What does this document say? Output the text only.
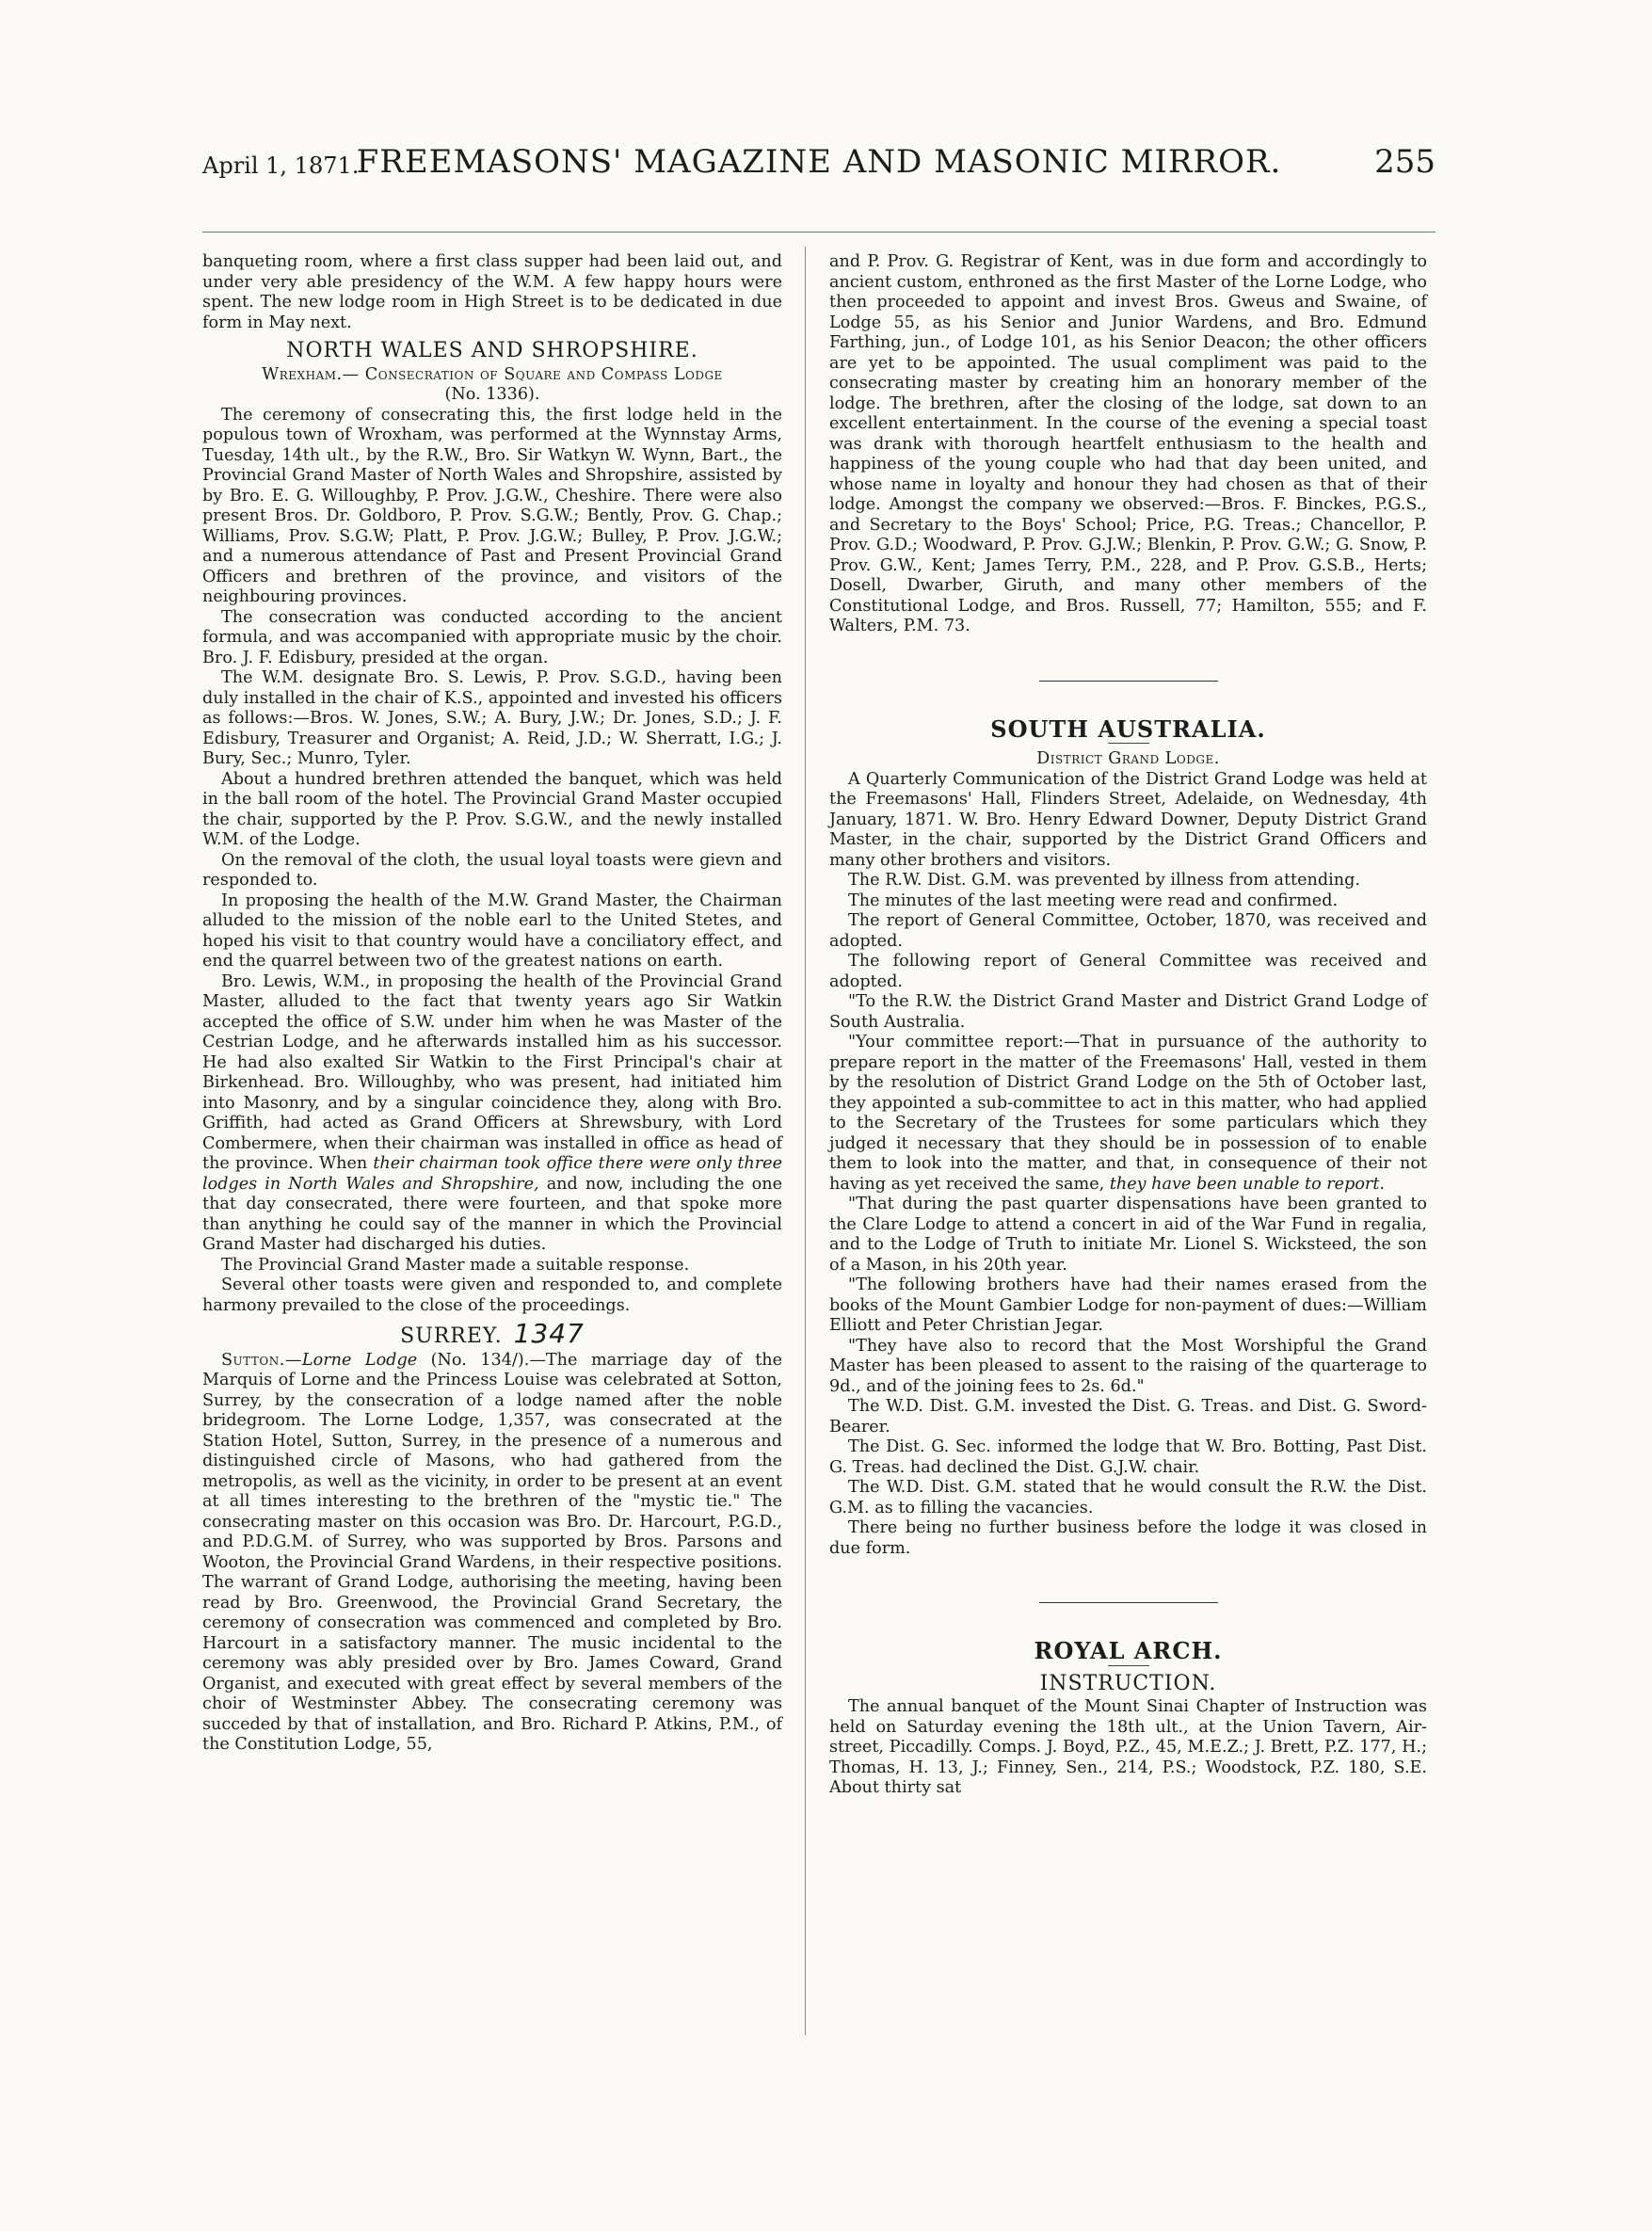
April 1, 1871.
FREEMASONS' MAGAZINE AND MASONIC MIRROR.	255

banqueting room, where a first class supper had been laid out, and under very able presidency of the W.M. A few happy hours were spent. The new lodge room in High Street is to be dedicated in due form in May next.

NORTH WALES AND SHROPSHIRE.

Wrexham.— Consecration of Square and Compass Lodge

(No. 1336).

The ceremony of consecrating this, the first lodge held in the populous town of Wroxham, was performed at the Wynnstay Arms, Tuesday, 14th ult., by the R.W., Bro. Sir Watkyn W. Wynn, Bart., the Provincial Grand Master of North Wales and Shropshire, assisted by by Bro. E. G. Willoughby, P. Prov. J.G.W., Cheshire. There were also present Bros. Dr. Goldboro, P. Prov. S.G.W.; Bently, Prov. G. Chap.; Williams, Prov. S.G.W; Platt, P. Prov. J.G.W.; Bulley, P. Prov. J.G.W.; and a numerous attendance of Past and Present Provincial Grand Officers and brethren of the province, and visitors of the neighbouring provinces.

The consecration was conducted according to the ancient formula, and was accompanied with appropriate music by the choir. Bro. J. F. Edisbury, presided at the organ.

The W.M. designate Bro. S. Lewis, P. Prov. S.G.D., having been duly installed in the chair of K.S., appointed and invested his officers as follows:—Bros. W. Jones, S.W.; A. Bury, J.W.; Dr. Jones, S.D.; J. F. Edisbury, Treasurer and Organist; A. Reid, J.D.; W. Sherratt, I.G.; J. Bury, Sec.; Munro, Tyler.

About a hundred brethren attended the banquet, which was held in the ball room of the hotel. The Provincial Grand Master occupied the chair, supported by the P. Prov. S.G.W., and the newly installed W.M. of the Lodge.

On the removal of the cloth, the usual loyal toasts were gievn and responded to.

In proposing the health of the M.W. Grand Master, the Chairman alluded to the mission of the noble earl to the United Stetes, and hoped his visit to that country would have a conciliatory effect, and end the quarrel between two of the greatest nations on earth.

Bro. Lewis, W.M., in proposing the health of the Provincial Grand Master, alluded to the fact that twenty years ago Sir Watkin accepted the office of S.W. under him when he was Master of the Cestrian Lodge, and he afterwards installed him as his successor. He had also exalted Sir Watkin to the First Principal's chair at Birkenhead. Bro. Willoughby, who was present, had initiated him into Masonry, and by a singular coincidence they, along with Bro. Griffith, had acted as Grand Officers at Shrewsbury, with Lord Combermere, when their chairman was installed in office as head of the province. When their chairman took office there were only three lodges in North Wales and Shropshire, and now, including the one that day consecrated, there were fourteen, and that spoke more than anything he could say of the manner in which the Provincial Grand Master had discharged his duties.

The Provincial Grand Master made a suitable response.

Several other toasts were given and responded to, and complete harmony prevailed to the close of the proceedings.

SURREY. 1347

Sutton.—Lorne Lodge (No. 134/).—The marriage day of the Marquis of Lorne and the Princess Louise was celebrated at Sotton, Surrey, by the consecration of a lodge named after the noble bridegroom. The Lorne Lodge, 1,357, was consecrated at the Station Hotel, Sutton, Surrey, in the presence of a numerous and distinguished circle of Masons, who had gathered from the metropolis, as well as the vicinity, in order to be present at an event at all times interesting to the brethren of the "mystic tie." The consecrating master on this occasion was Bro. Dr. Harcourt, P.G.D., and P.D.G.M. of Surrey, who was supported by Bros. Parsons and Wooton, the Provincial Grand Wardens, in their respective positions. The warrant of Grand Lodge, authorising the meeting, having been read by Bro. Greenwood, the Provincial Grand Secretary, the ceremony of consecration was commenced and completed by Bro. Harcourt in a satisfactory manner. The music incidental to the ceremony was ably presided over by Bro. James Coward, Grand Organist, and executed with great effect by several members of the choir of Westminster Abbey. The consecrating ceremony was succeded by that of installation, and Bro. Richard P. Atkins, P.M., of the Constitution Lodge, 55,

and P. Prov. G. Registrar of Kent, was in due form and accordingly to ancient custom, enthroned as the first Master of the Lorne Lodge, who then proceeded to appoint and invest Bros. Gweus and Swaine, of Lodge 55, as his Senior and Junior Wardens, and Bro. Edmund Farthing, jun., of Lodge 101, as his Senior Deacon; the other officers are yet to be appointed. The usual compliment was paid to the consecrating master by creating him an honorary member of the lodge. The brethren, after the closing of the lodge, sat down to an excellent entertainment. In the course of the evening a special toast was drank with thorough heartfelt enthusiasm to the health and happiness of the young couple who had that day been united, and whose name in loyalty and honour they had chosen as that of their lodge. Amongst the company we observed:—Bros. F. Binckes, P.G.S., and Secretary to the Boys' School; Price, P.G. Treas.; Chancellor, P. Prov. G.D.; Woodward, P. Prov. G.J.W.; Blenkin, P. Prov. G.W.; G. Snow, P. Prov. G.W., Kent; James Terry, P.M., 228, and P. Prov. G.S.B., Herts; Dosell, Dwarber, Giruth, and many other members of the Constitutional Lodge, and Bros. Russell, 77; Hamilton, 555; and F. Walters, P.M. 73.

SOUTH AUSTRALIA.

District Grand Lodge.

A Quarterly Communication of the District Grand Lodge was held at the Freemasons' Hall, Flinders Street, Adelaide, on Wednesday, 4th January, 1871. W. Bro. Henry Edward Downer, Deputy District Grand Master, in the chair, supported by the District Grand Officers and many other brothers and visitors.

The R.W. Dist. G.M. was prevented by illness from attending.

The minutes of the last meeting were read and confirmed.

The report of General Committee, October, 1870, was received and adopted.

The following report of General Committee was received and adopted.

"To the R.W. the District Grand Master and District Grand Lodge of South Australia.

"Your committee report:—That in pursuance of the authority to prepare report in the matter of the Freemasons' Hall, vested in them by the resolution of District Grand Lodge on the 5th of October last, they appointed a sub-committee to act in this matter, who had applied to the Secretary of the Trustees for some particulars which they judged it necessary that they should be in possession of to enable them to look into the matter, and that, in consequence of their not having as yet received the same, they have been unable to report.

"That during the past quarter dispensations have been granted to the Clare Lodge to attend a concert in aid of the War Fund in regalia, and to the Lodge of Truth to initiate Mr. Lionel S. Wicksteed, the son of a Mason, in his 20th year.

"The following brothers have had their names erased from the books of the Mount Gambier Lodge for non-payment of dues:—William Elliott and Peter Christian Jegar.

"They have also to record that the Most Worshipful the Grand Master has been pleased to assent to the raising of the quarterage to 9d., and of the joining fees to 2s. 6d."

The W.D. Dist. G.M. invested the Dist. G. Treas. and Dist. G. Sword-Bearer.

The Dist. G. Sec. informed the lodge that W. Bro. Botting, Past Dist. G. Treas. had declined the Dist. G.J.W. chair.

The W.D. Dist. G.M. stated that he would consult the R.W. the Dist. G.M. as to filling the vacancies.

There being no further business before the lodge it was closed in due form.

ROYAL ARCH.
INSTRUCTION.

The annual banquet of the Mount Sinai Chapter of Instruction was held on Saturday evening the 18th ult., at the Union Tavern, Air-street, Piccadilly. Comps. J. Boyd, P.Z., 45, M.E.Z.; J. Brett, P.Z. 177, H.; Thomas, H. 13, J.; Finney, Sen., 214, P.S.; Woodstock, P.Z. 180, S.E. About thirty sat
